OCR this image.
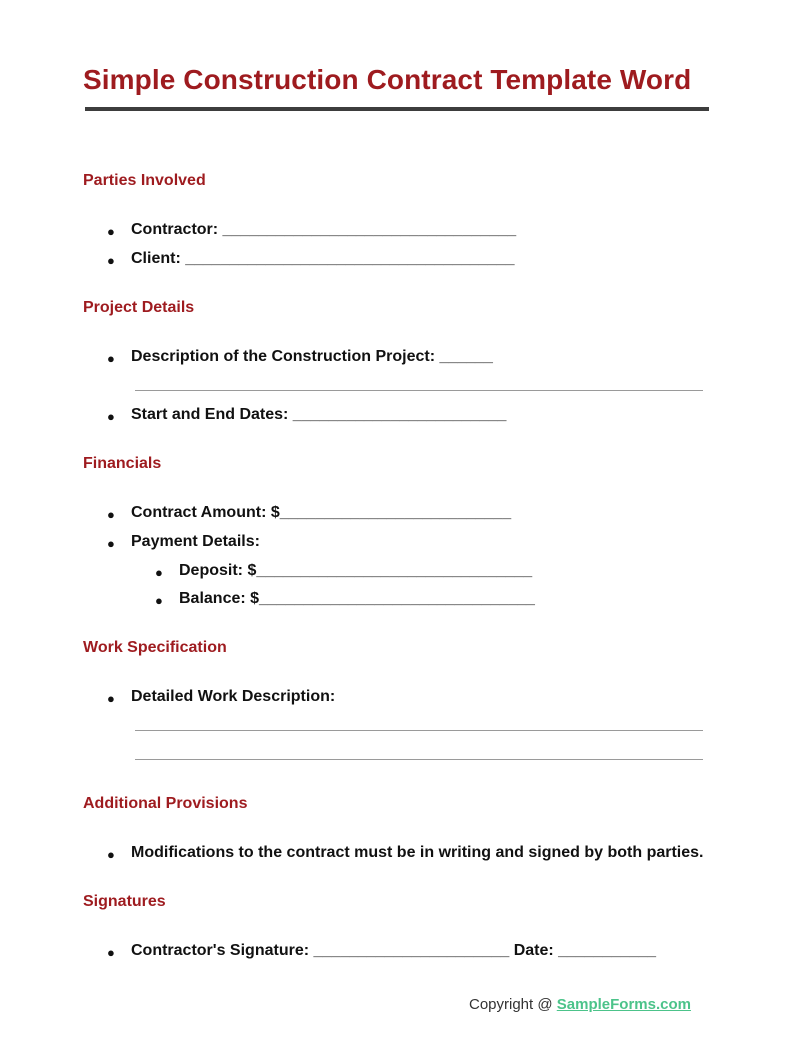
Simple Construction Contract Template Word
Parties Involved
● Contractor: _________________________________
● Client: _____________________________________
Project Details
● Description of the Construction Project: ______
● Start and End Dates: ________________________
Financials
● Contract Amount: $__________________________
● Payment Details:
● Deposit: $_______________________________
● Balance: $_______________________________
Work Specification
● Detailed Work Description:
Additional Provisions
● Modifications to the contract must be in writing and signed by both parties.
Signatures
● Contractor's Signature: ______________________ Date: ___________
Copyright @ SampleForms.com
